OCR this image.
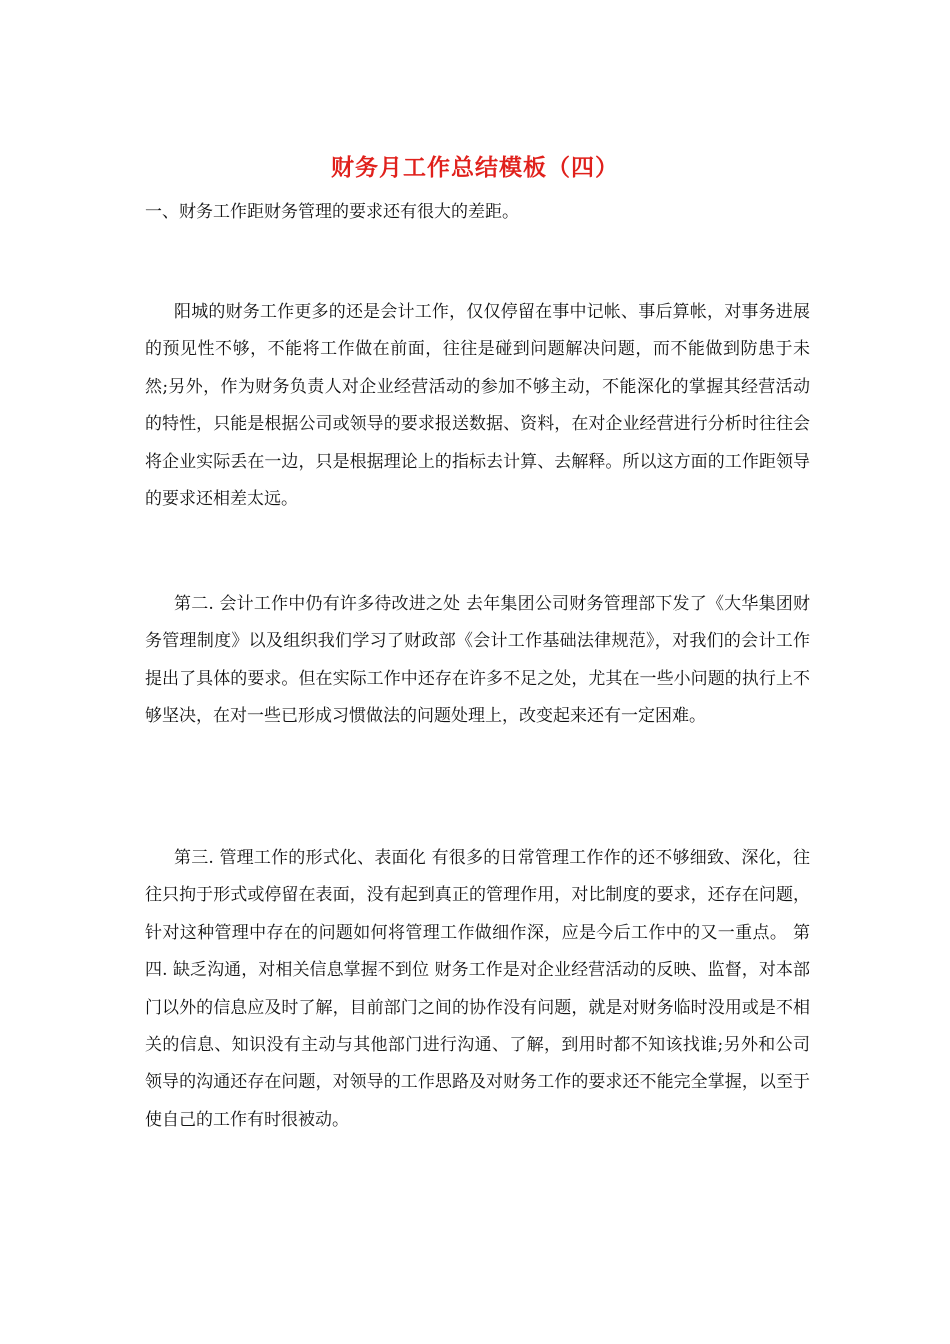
财务月工作总结模板（四）
一、财务工作距财务管理的要求还有很大的差距。

阳城的财务工作更多的还是会计工作，仅仅停留在事中记帐、事后算帐，对事务进展的预见性不够，不能将工作做在前面，往往是碰到问题解决问题，而不能做到防患于未然;另外，作为财务负责人对企业经营活动的参加不够主动，不能深化的掌握其经营活动的特性，只能是根据公司或领导的要求报送数据、资料，在对企业经营进行分析时往往会将企业实际丢在一边，只是根据理论上的指标去计算、去解释。所以这方面的工作距领导的要求还相差太远。

第二. 会计工作中仍有许多待改进之处 去年集团公司财务管理部下发了《大华集团财务管理制度》以及组织我们学习了财政部《会计工作基础法律规范》，对我们的会计工作提出了具体的要求。但在实际工作中还存在许多不足之处，尤其在一些小问题的执行上不够坚决，在对一些已形成习惯做法的问题处理上，改变起来还有一定困难。

第三. 管理工作的形式化、表面化 有很多的日常管理工作作的还不够细致、深化，往往只拘于形式或停留在表面，没有起到真正的管理作用，对比制度的要求，还存在问题，针对这种管理中存在的问题如何将管理工作做细作深，应是今后工作中的又一重点。 第四. 缺乏沟通，对相关信息掌握不到位 财务工作是对企业经营活动的反映、监督，对本部门以外的信息应及时了解，目前部门之间的协作没有问题，就是对财务临时没用或是不相关的信息、知识没有主动与其他部门进行沟通、了解，到用时都不知该找谁;另外和公司领导的沟通还存在问题，对领导的工作思路及对财务工作的要求还不能完全掌握，以至于使自己的工作有时很被动。
